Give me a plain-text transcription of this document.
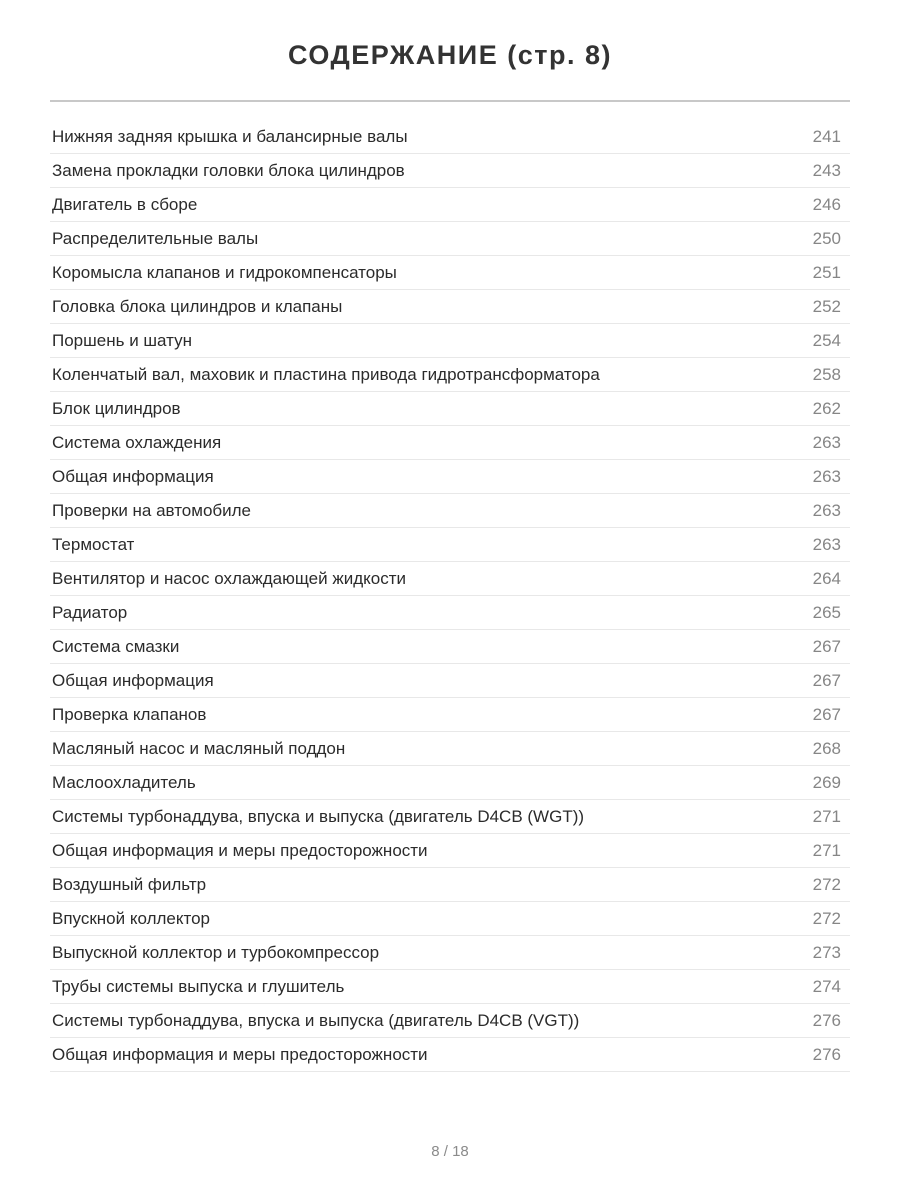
СОДЕРЖАНИЕ (стр. 8)
Нижняя задняя крышка и балансирные валы	241
Замена прокладки головки блока цилиндров	243
Двигатель в сборе	246
Распределительные валы	250
Коромысла клапанов и гидрокомпенсаторы	251
Головка блока цилиндров и клапаны	252
Поршень и шатун	254
Коленчатый вал, маховик и пластина привода гидротрансформатора	258
Блок цилиндров	262
Система охлаждения	263
Общая информация	263
Проверки на автомобиле	263
Термостат	263
Вентилятор и насос охлаждающей жидкости	264
Радиатор	265
Система смазки	267
Общая информация	267
Проверка клапанов	267
Масляный насос и масляный поддон	268
Маслоохладитель	269
Системы турбонаддува, впуска и выпуска (двигатель D4CB (WGT))	271
Общая информация и меры предосторожности	271
Воздушный фильтр	272
Впускной коллектор	272
Выпускной коллектор и турбокомпрессор	273
Трубы системы выпуска и глушитель	274
Системы турбонаддува, впуска и выпуска (двигатель D4CB (VGT))	276
Общая информация и меры предосторожности	276
8 / 18
